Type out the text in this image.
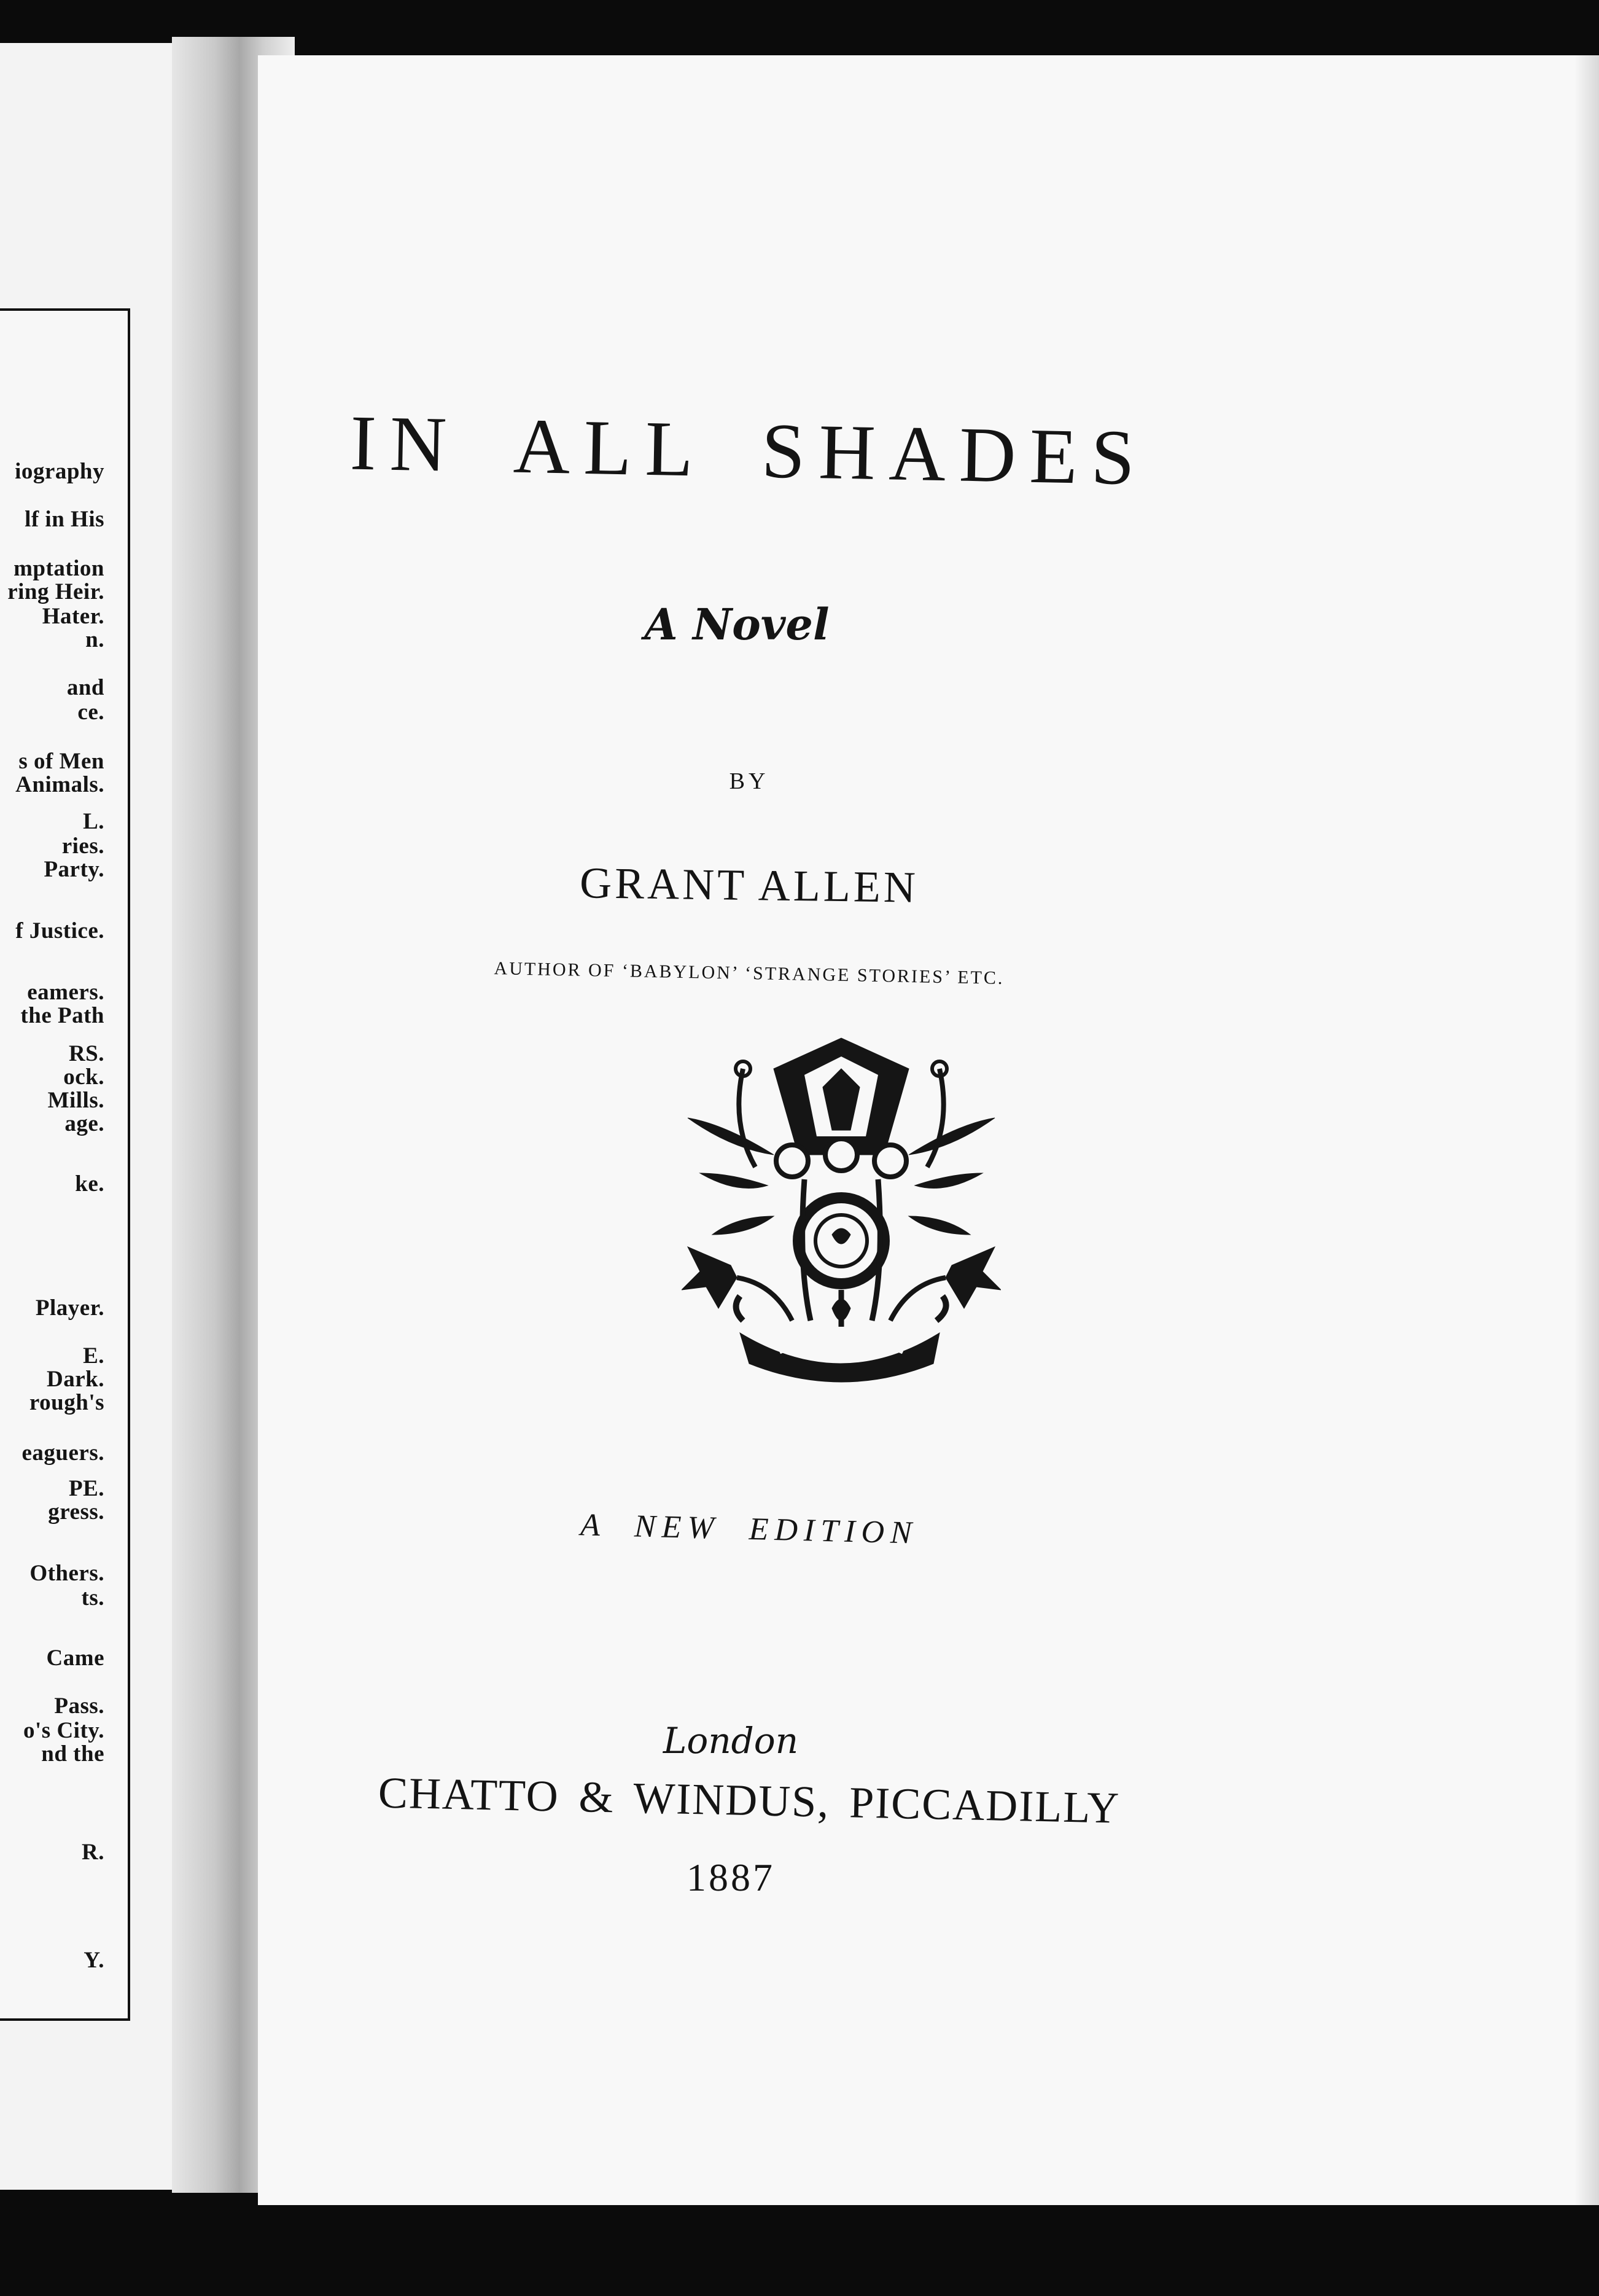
iography
lf in His
mptation
ring Heir.
Hater.
n.
and
ce.
s of Men
Animals.
L.
ries.
Party.
f Justice.
eamers.
the Path
RS.
ock.
Mills.
age.
ke.
Player.
E.
Dark.
rough's
eaguers.
PE.
gress.
Others.
ts.
Came
Pass.
o's City.
nd the
R.
Y.
IN ALL SHADES
A Novel
BY
GRANT ALLEN
AUTHOR OF ‘BABYLON’ ‘STRANGE STORIES’ ETC.
A NEW EDITION
London
CHATTO & WINDUS, PICCADILLY
1887
